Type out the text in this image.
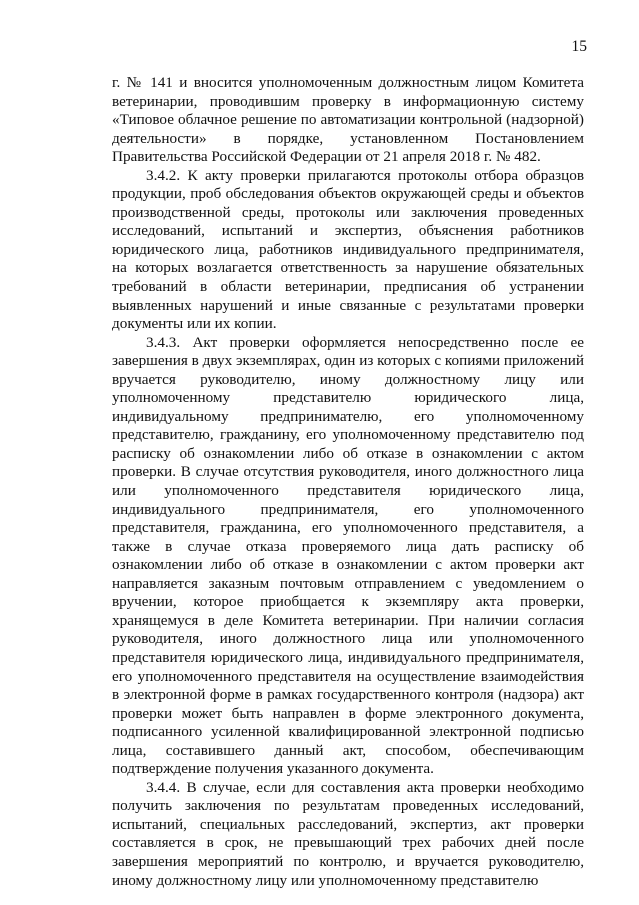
15
г. № 141 и вносится уполномоченным должностным лицом Комитета
ветеринарии, проводившим проверку в информационную систему
«Типовое облачное решение по автоматизации контрольной (надзорной)
деятельности» в порядке, установленном Постановлением
Правительства Российской Федерации от 21 апреля 2018 г. № 482.
3.4.2. К акту проверки прилагаются протоколы отбора образцов
продукции, проб обследования объектов окружающей среды и объектов
производственной среды, протоколы или заключения проведенных
исследований, испытаний и экспертиз, объяснения работников
юридического лица, работников индивидуального предпринимателя,
на которых возлагается ответственность за нарушение обязательных
требований в области ветеринарии, предписания об устранении
выявленных нарушений и иные связанные с результатами проверки
документы или их копии.
3.4.3. Акт проверки оформляется непосредственно после ее
завершения в двух экземплярах, один из которых с копиями приложений
вручается руководителю, иному должностному лицу или
уполномоченному представителю юридического лица,
индивидуальному предпринимателю, его уполномоченному
представителю, гражданину, его уполномоченному представителю под
расписку об ознакомлении либо об отказе в ознакомлении с актом
проверки. В случае отсутствия руководителя, иного должностного лица
или уполномоченного представителя юридического лица,
индивидуального предпринимателя, его уполномоченного
представителя, гражданина, его уполномоченного представителя, а
также в случае отказа проверяемого лица дать расписку об
ознакомлении либо об отказе в ознакомлении с актом проверки акт
направляется заказным почтовым отправлением с уведомлением о
вручении, которое приобщается к экземпляру акта проверки,
хранящемуся в деле Комитета ветеринарии. При наличии согласия
руководителя, иного должностного лица или уполномоченного
представителя юридического лица, индивидуального предпринимателя,
его уполномоченного представителя на осуществление взаимодействия
в электронной форме в рамках государственного контроля (надзора) акт
проверки может быть направлен в форме электронного документа,
подписанного усиленной квалифицированной электронной подписью
лица, составившего данный акт, способом, обеспечивающим
подтверждение получения указанного документа.
3.4.4. В случае, если для составления акта проверки необходимо
получить заключения по результатам проведенных исследований,
испытаний, специальных расследований, экспертиз, акт проверки
составляется в срок, не превышающий трех рабочих дней после
завершения мероприятий по контролю, и вручается руководителю,
иному должностному лицу или уполномоченному представителю
